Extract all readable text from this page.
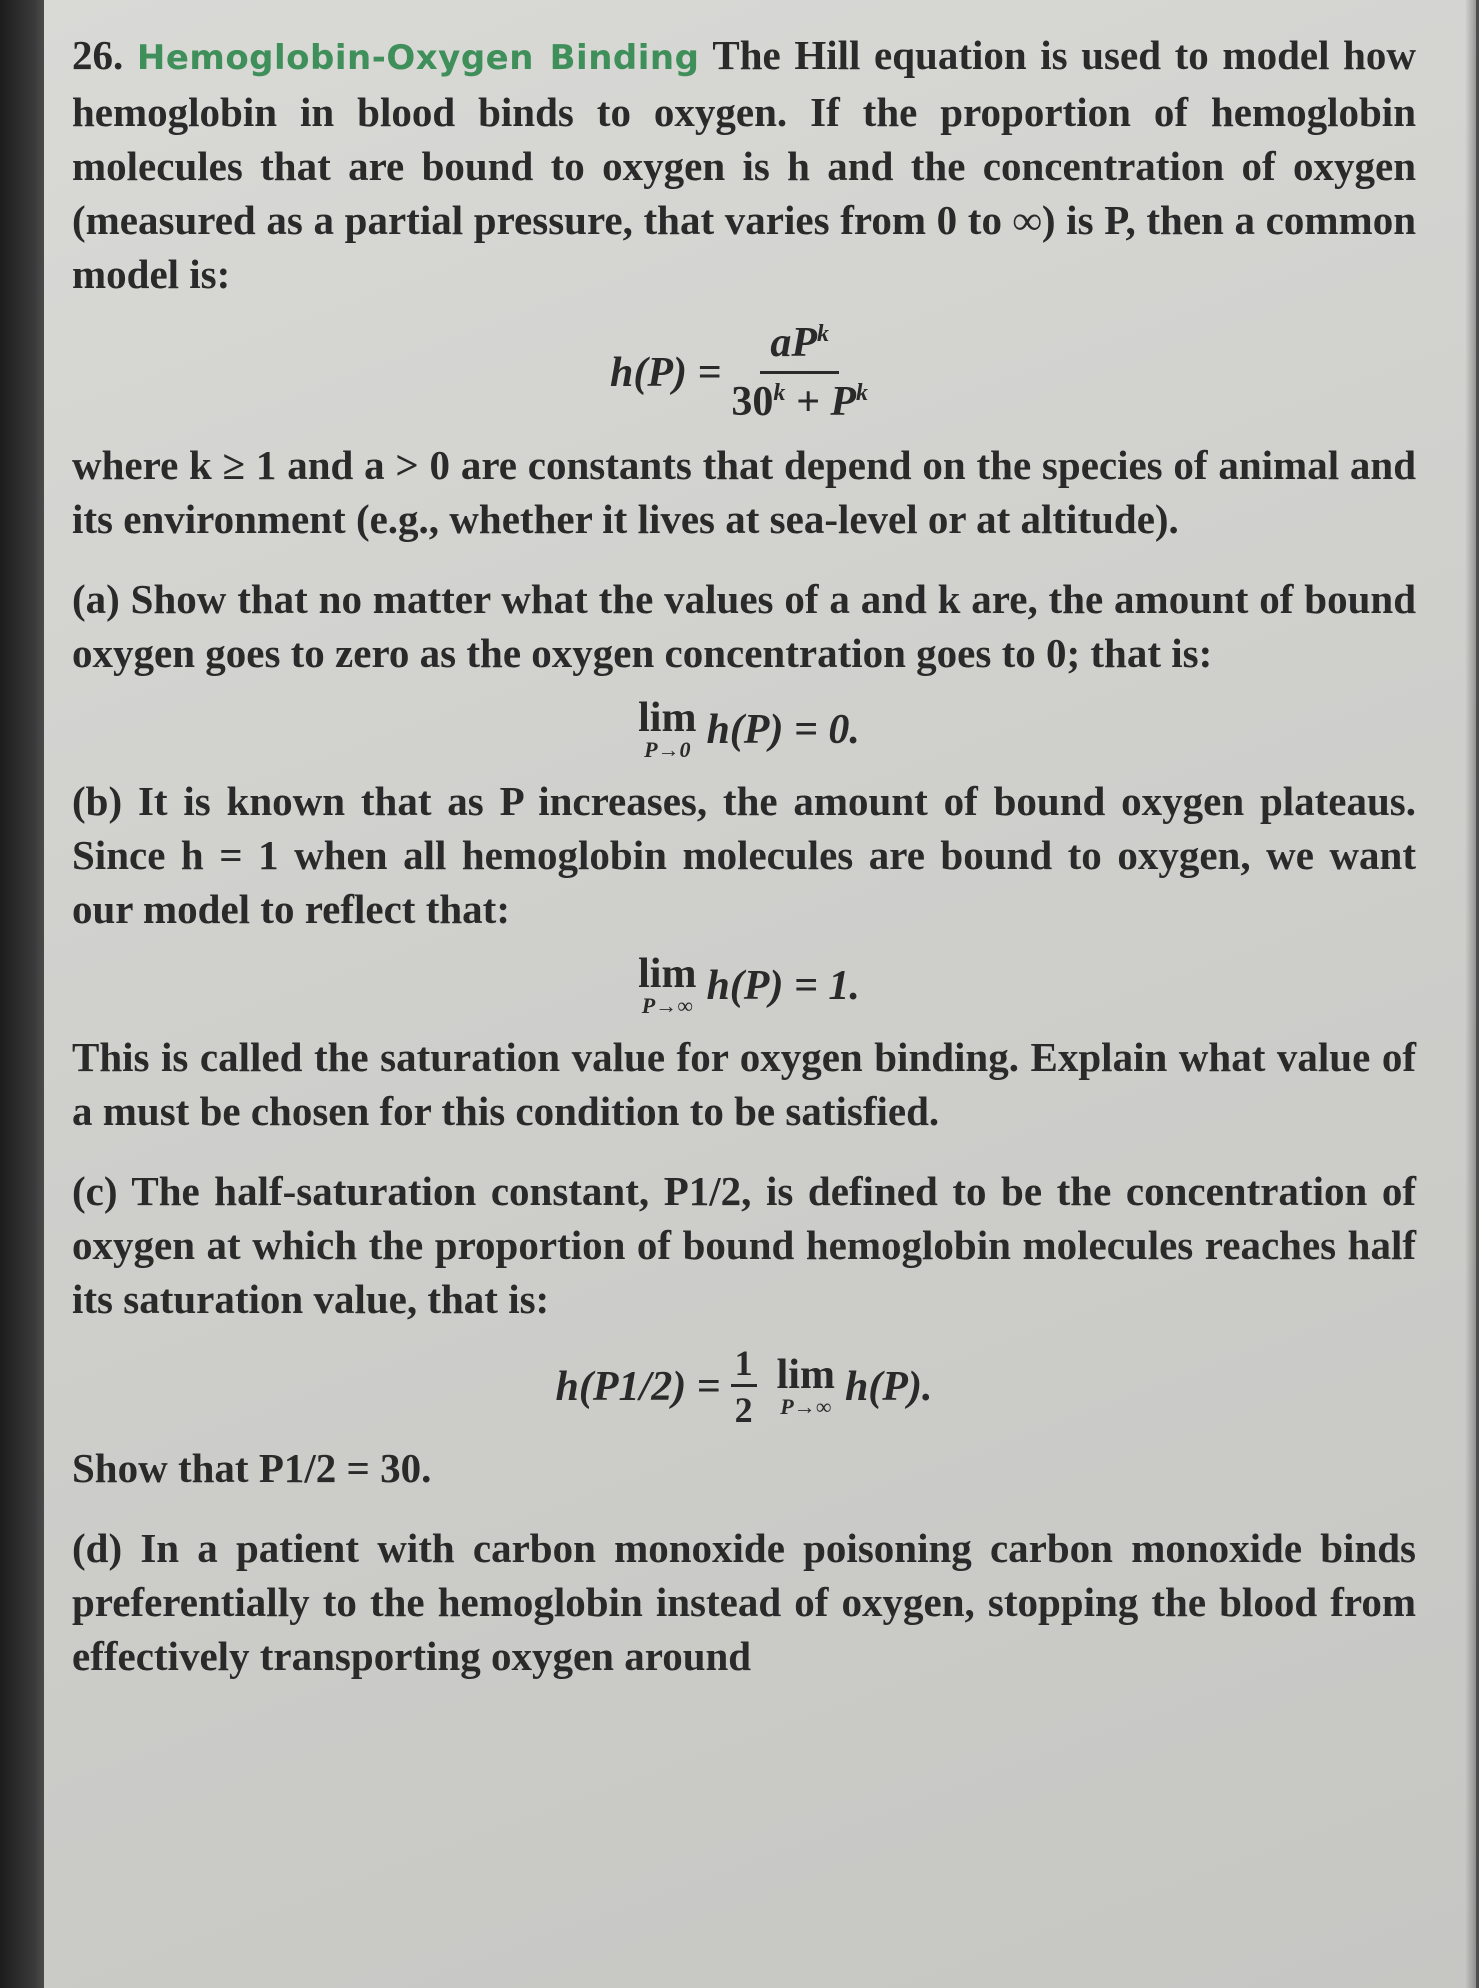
26. Hemoglobin-Oxygen Binding The Hill equation is used to model how hemoglobin in blood binds to oxygen. If the proportion of hemoglobin molecules that are bound to oxygen is h and the concentration of oxygen (measured as a partial pressure, that varies from 0 to ∞) is P, then a common model is:

$h(P) = \frac{aP^k}{30^k + P^k}$

where k ≥ 1 and a > 0 are constants that depend on the species of animal and its environment (e.g., whether it lives at sea-level or at altitude).

(a) Show that no matter what the values of a and k are, the amount of bound oxygen goes to zero as the oxygen concentration goes to 0; that is:

lim
P→0 h(P) = 0.

(b) It is known that as P increases, the amount of bound oxygen plateaus. Since h = 1 when all hemoglobin molecules are bound to oxygen, we want our model to reflect that:

lim
P→∞ h(P) = 1.

This is called the saturation value for oxygen binding. Explain what value of a must be chosen for this condition to be satisfied.

(c) The half-saturation constant, P1/2, is defined to be the concentration of oxygen at which the proportion of bound hemoglobin molecules reaches half its saturation value, that is:

$h(P1/2) = \frac{1}{2}$ lim
P→∞ h(P).

Show that P1/2 = 30.

(d) In a patient with carbon monoxide poisoning carbon monoxide binds preferentially to the hemoglobin instead of oxygen, stopping the blood from effectively transporting oxygen around
